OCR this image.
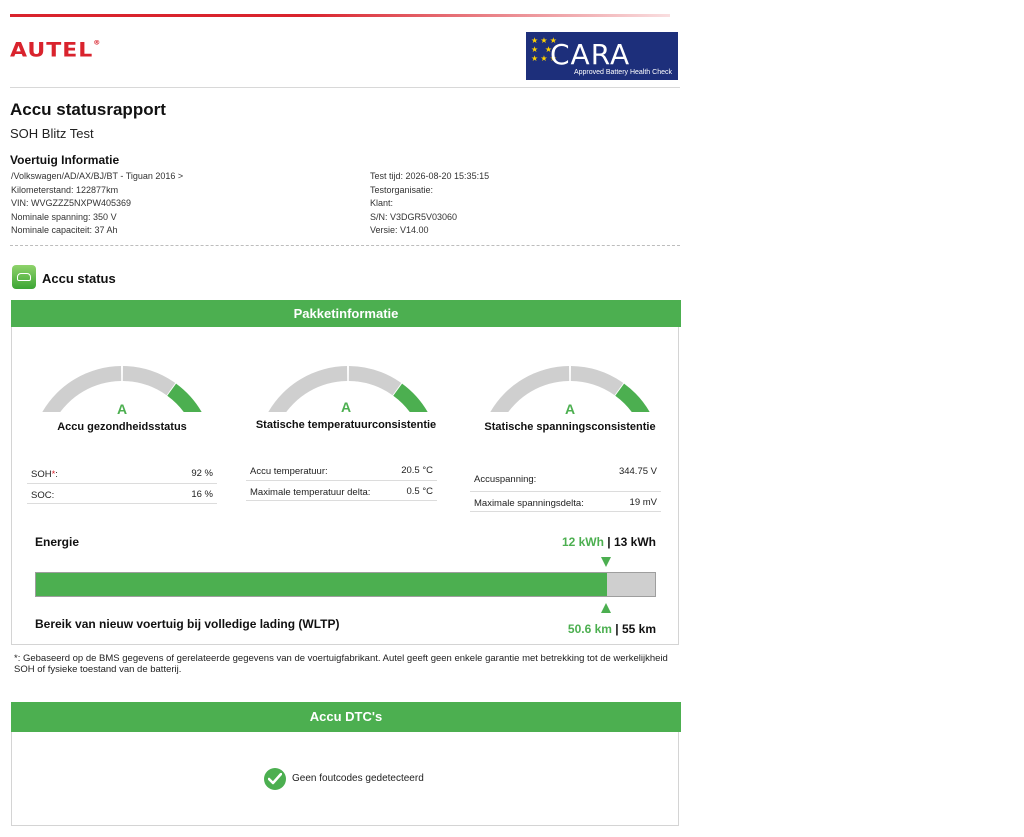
AUTEL®	★ ★ ★
★   ★
★ ★ ★
CARA
Approved Battery Health Check
Accu statusrapport
SOH Blitz Test
Voertuig Informatie
/Volkswagen/AD/AX/BJ/BT - Tiguan 2016 >
Kilometerstand: 122877km
VIN: WVGZZZ5NXPW405369
Nominale spanning: 350 V
Nominale capaciteit: 37 Ah
Test tijd: 2026-08-20 15:35:15
Testorganisatie:
Klant:
S/N: V3DGR5V03060
Versie: V14.00
Accu status
Pakketinformatie
A	A	A
Accu gezondheidsstatus	Statische temperatuurconsistentie	Statische spanningsconsistentie
SOH*:	92 %
SOC:	16 %
Accu temperatuur:	20.5 °C
Maximale temperatuur delta:	0.5 °C
Accuspanning:
344.75 V
Maximale spanningsdelta:	19 mV
Energie	12 kWh | 13 kWh
Bereik van nieuw voertuig bij volledige lading (WLTP)	50.6 km | 55 km
*: Gebaseerd op de BMS gegevens of gerelateerde gegevens van de voertuigfabrikant. Autel geeft geen enkele garantie met betrekking tot de werkelijkheid SOH of fysieke toestand van de batterij.
Accu DTC's
Geen foutcodes gedetecteerd
